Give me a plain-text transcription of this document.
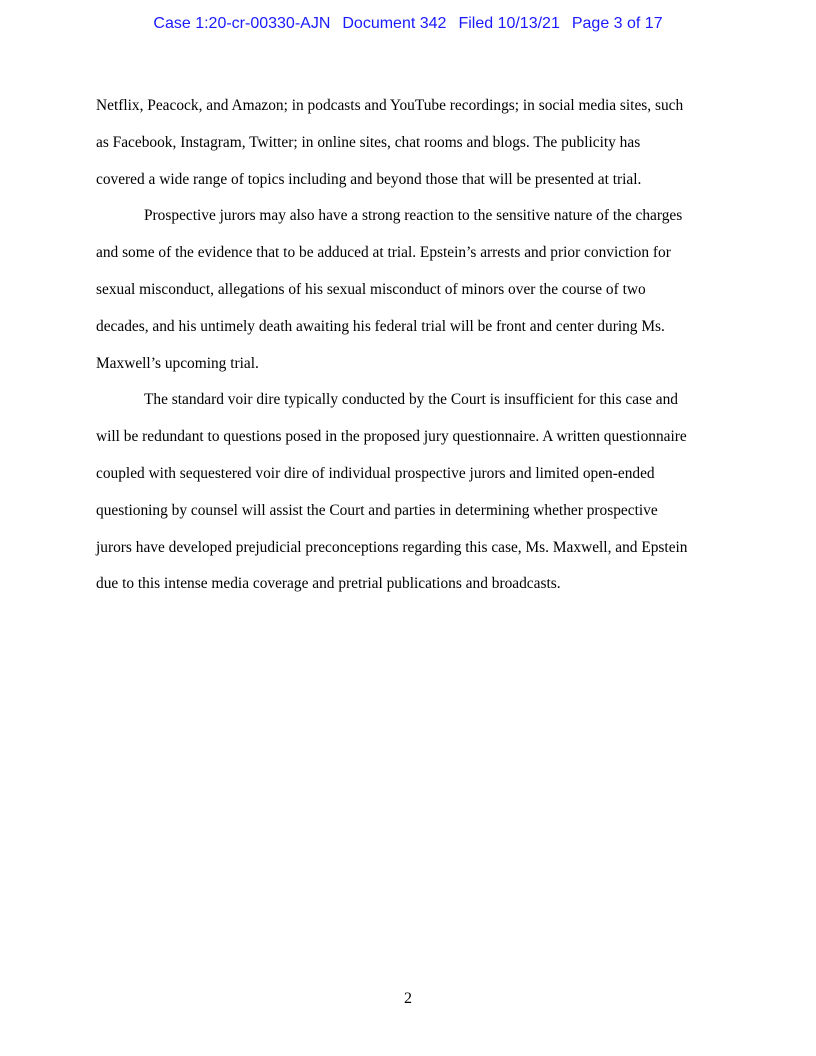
Case 1:20-cr-00330-AJN Document 342 Filed 10/13/21 Page 3 of 17
Netflix, Peacock, and Amazon; in podcasts and YouTube recordings; in social media sites, such
as Facebook, Instagram, Twitter; in online sites, chat rooms and blogs. The publicity has
covered a wide range of topics including and beyond those that will be presented at trial.
Prospective jurors may also have a strong reaction to the sensitive nature of the charges
and some of the evidence that to be adduced at trial. Epstein’s arrests and prior conviction for
sexual misconduct, allegations of his sexual misconduct of minors over the course of two
decades, and his untimely death awaiting his federal trial will be front and center during Ms.
Maxwell’s upcoming trial.
The standard voir dire typically conducted by the Court is insufficient for this case and
will be redundant to questions posed in the proposed jury questionnaire. A written questionnaire
coupled with sequestered voir dire of individual prospective jurors and limited open-ended
questioning by counsel will assist the Court and parties in determining whether prospective
jurors have developed prejudicial preconceptions regarding this case, Ms. Maxwell, and Epstein
due to this intense media coverage and pretrial publications and broadcasts.
2
